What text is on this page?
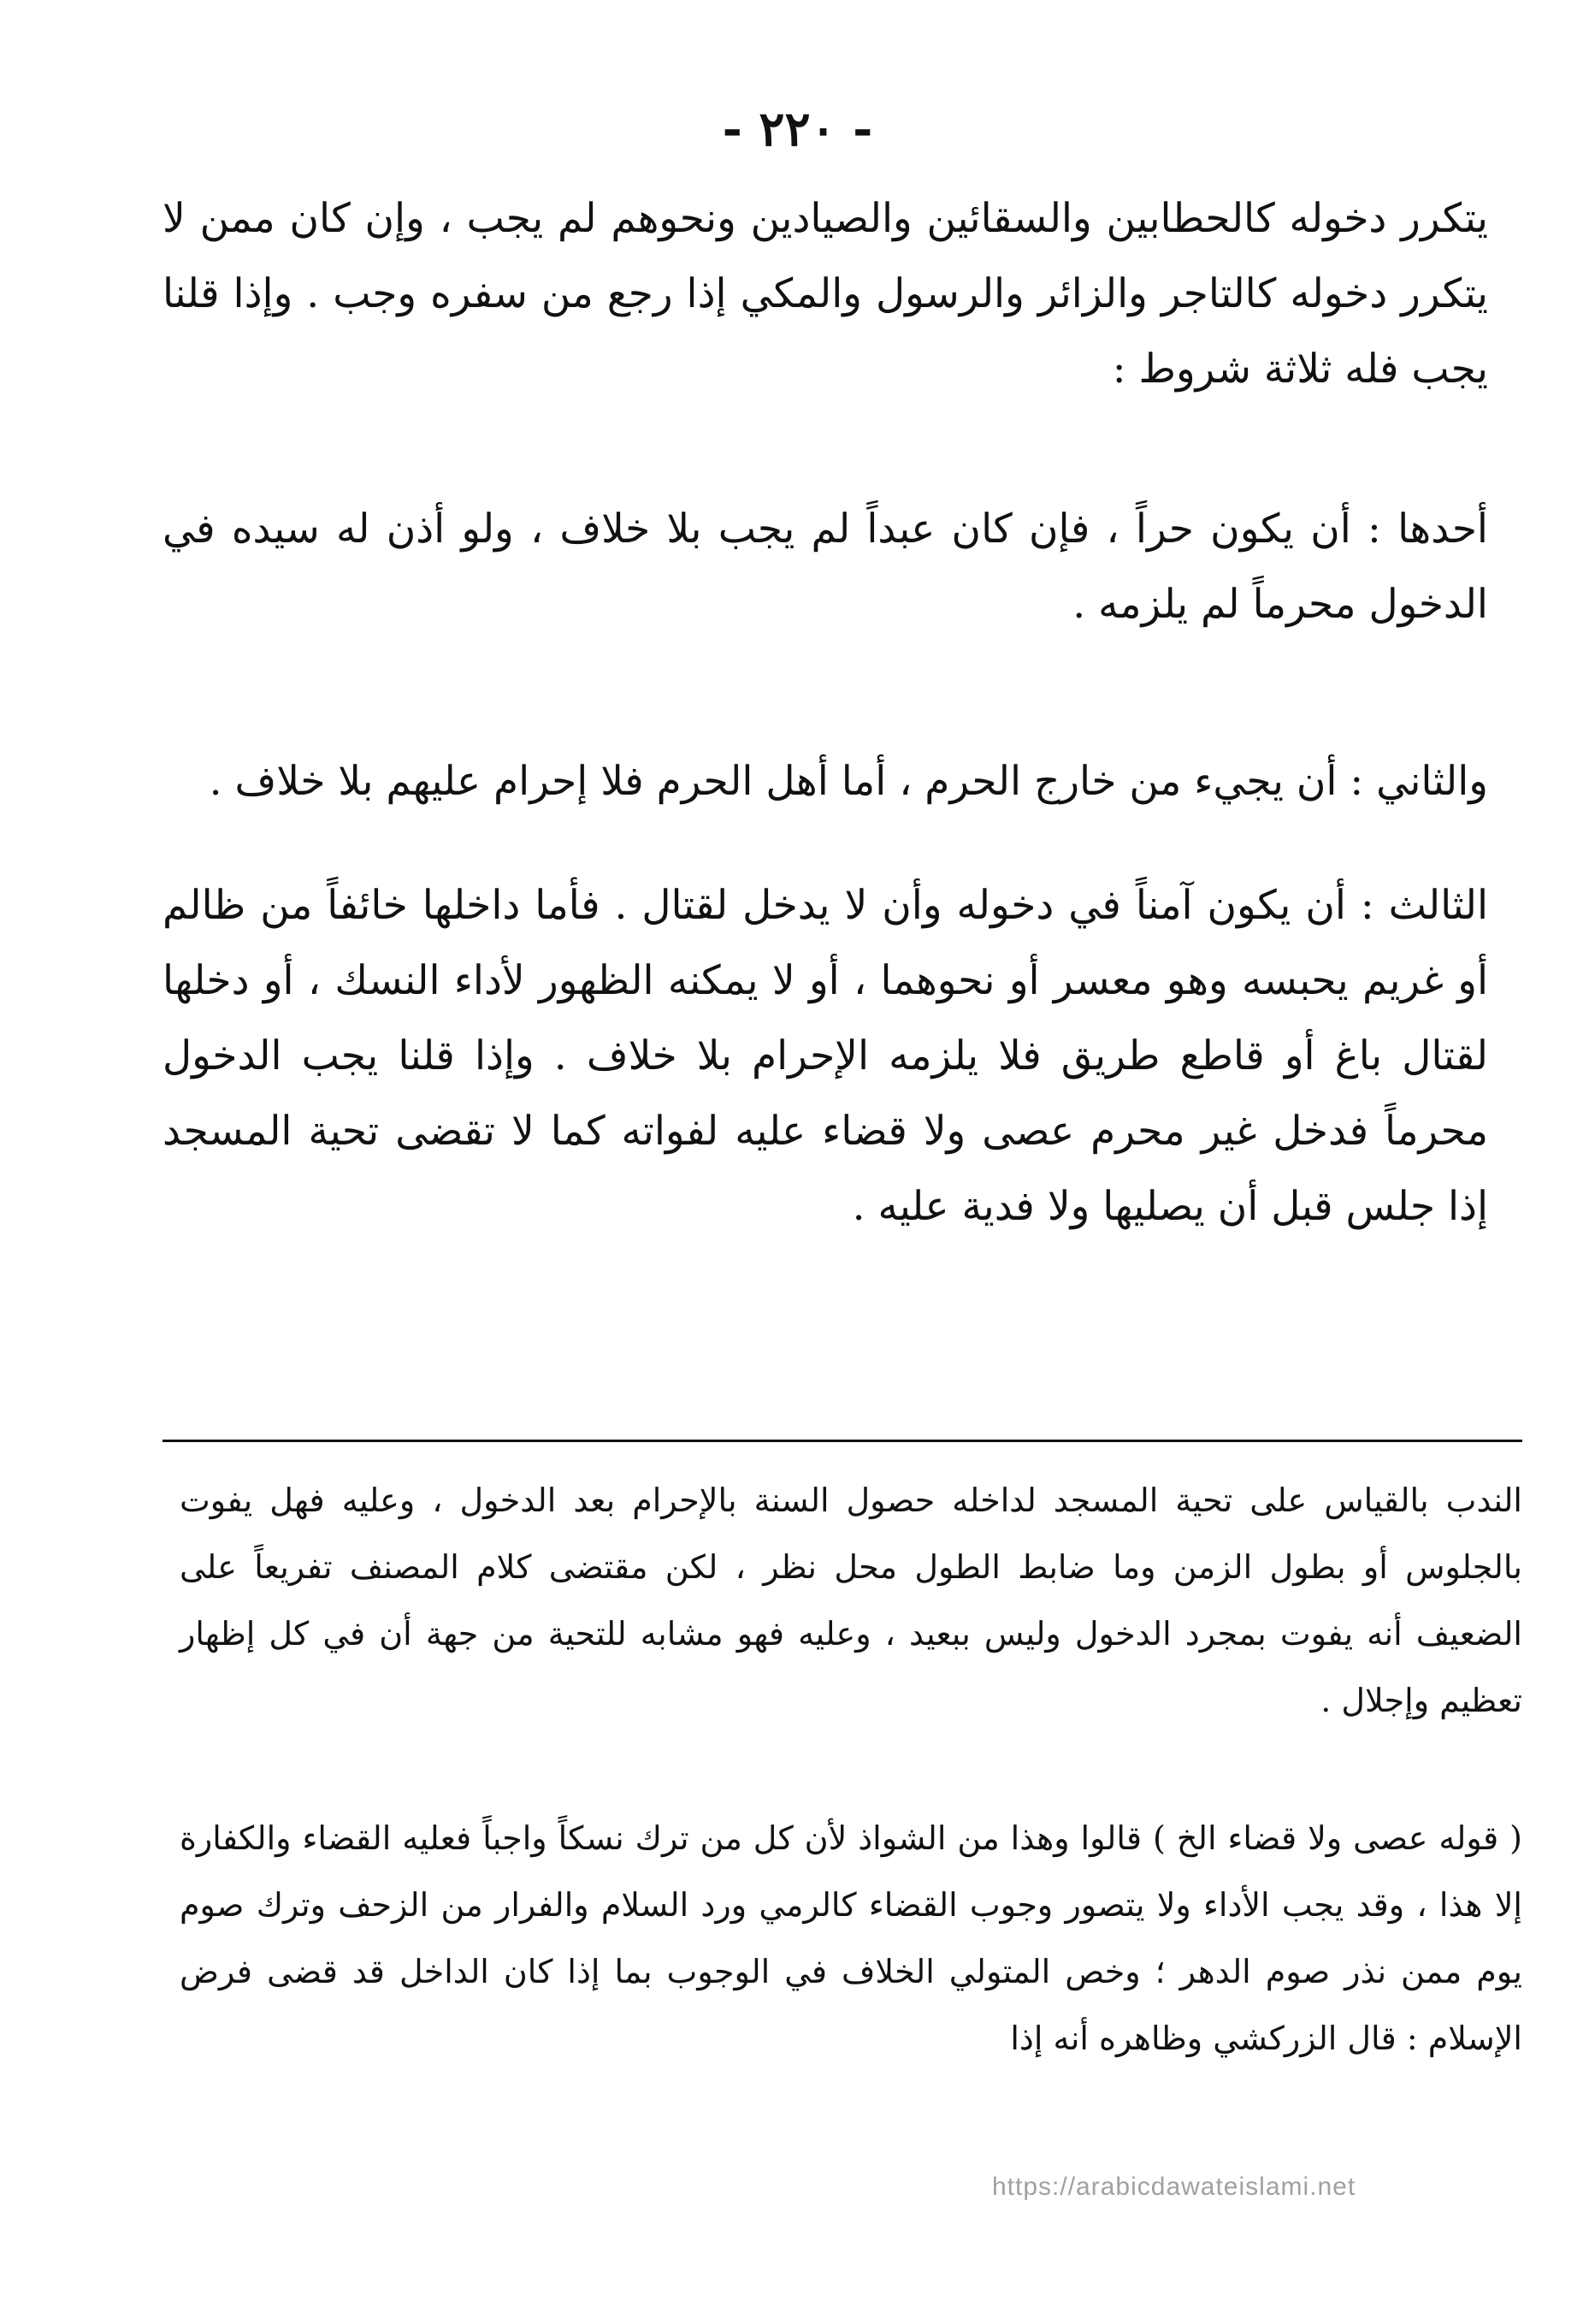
- ٢٢٠ -

يتكرر دخوله كالحطابين والسقائين والصيادين ونحوهم لم يجب ، وإن كان ممن لا يتكرر دخوله كالتاجر والزائر والرسول والمكي إذا رجع من سفره وجب . وإذا قلنا يجب فله ثلاثة شروط :

أحدها : أن يكون حراً ، فإن كان عبداً لم يجب بلا خلاف ، ولو أذن له سيده في الدخول محرماً لم يلزمه .

والثاني : أن يجيء من خارج الحرم ، أما أهل الحرم فلا إحرام عليهم بلا خلاف .

الثالث : أن يكون آمناً في دخوله وأن لا يدخل لقتال . فأما داخلها خائفاً من ظالم أو غريم يحبسه وهو معسر أو نحوهما ، أو لا يمكنه الظهور لأداء النسك ، أو دخلها لقتال باغ أو قاطع طريق فلا يلزمه الإحرام بلا خلاف . وإذا قلنا يجب الدخول محرماً فدخل غير محرم عصى ولا قضاء عليه لفواته كما لا تقضى تحية المسجد إذا جلس قبل أن يصليها ولا فدية عليه .

الندب بالقياس على تحية المسجد لداخله حصول السنة بالإحرام بعد الدخول ، وعليه فهل يفوت بالجلوس أو بطول الزمن وما ضابط الطول محل نظر ، لكن مقتضى كلام المصنف تفريعاً على الضعيف أنه يفوت بمجرد الدخول وليس ببعيد ، وعليه فهو مشابه للتحية من جهة أن في كل إظهار تعظيم وإجلال .

( قوله عصى ولا قضاء الخ ) قالوا وهذا من الشواذ لأن كل من ترك نسكاً واجباً فعليه القضاء والكفارة إلا هذا ، وقد يجب الأداء ولا يتصور وجوب القضاء كالرمي ورد السلام والفرار من الزحف وترك صوم يوم ممن نذر صوم الدهر ؛ وخص المتولي الخلاف في الوجوب بما إذا كان الداخل قد قضى فرض الإسلام : قال الزركشي وظاهره أنه إذا

https://arabicdawateislami.net
